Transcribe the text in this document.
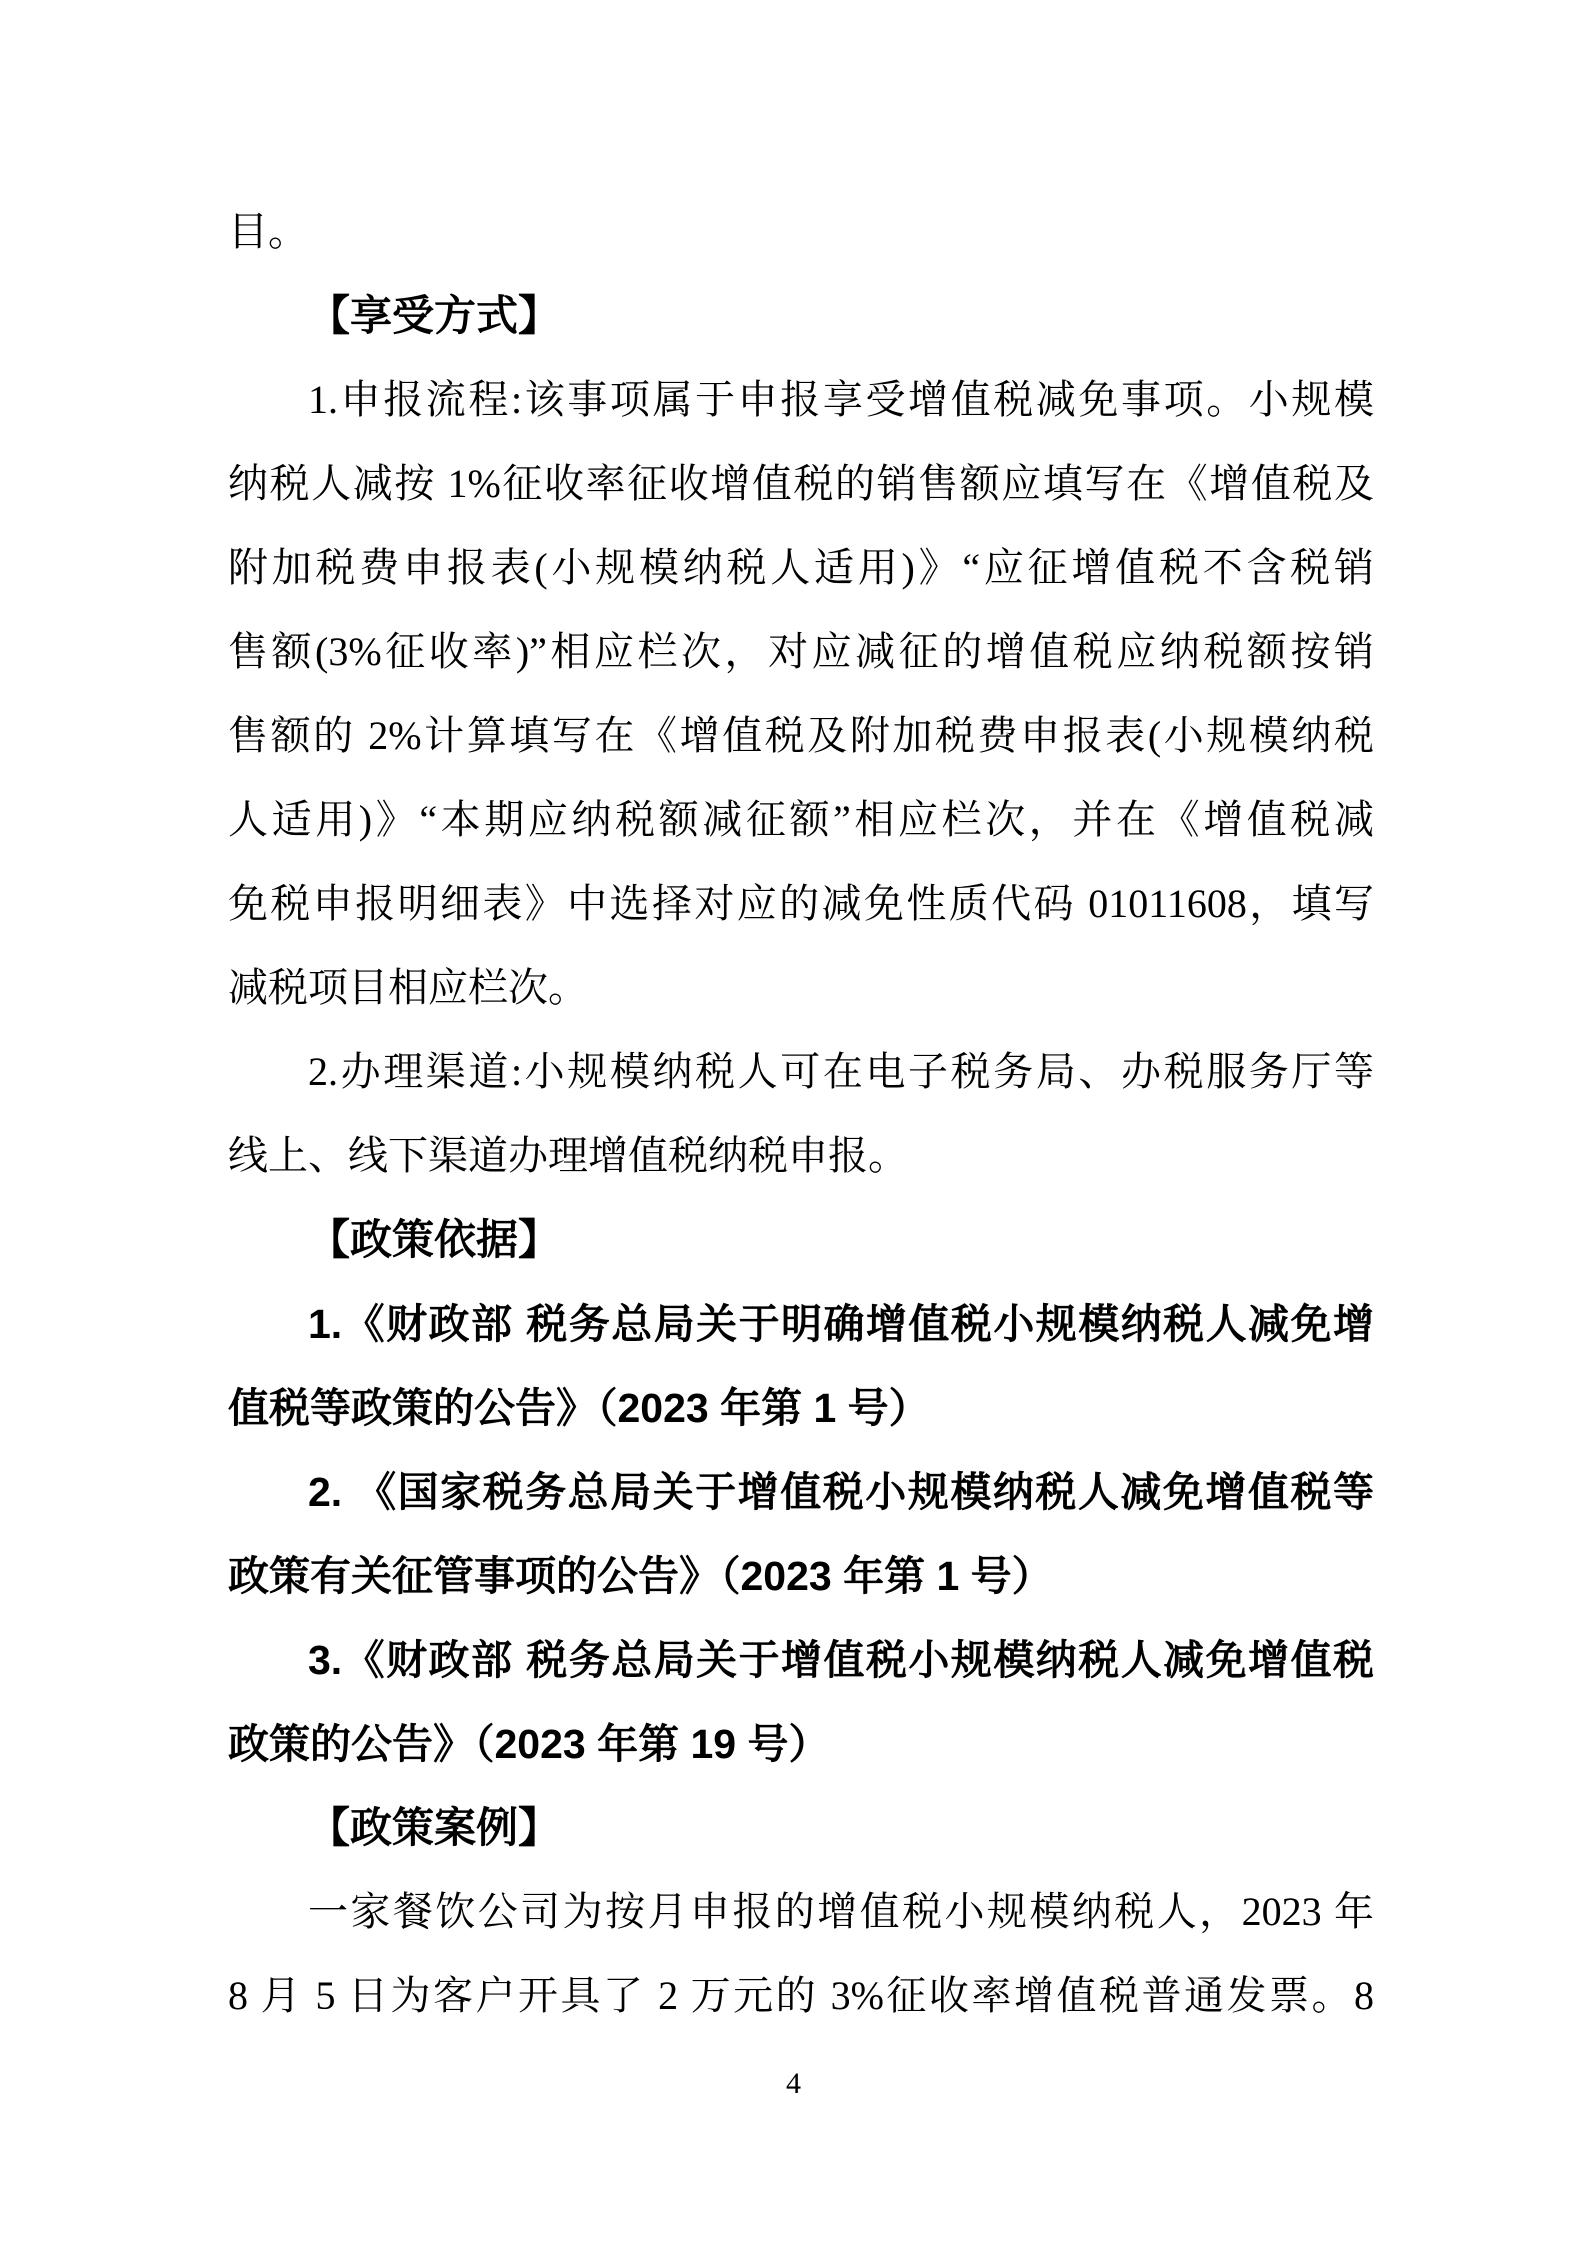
目。
【享受方式】
1.申报流程:该事项属于申报享受增值税减免事项。小规模
纳税人减按 1%征收率征收增值税的销售额应填写在《增值税及
附加税费申报表(小规模纳税人适用)》“应征增值税不含税销
售额(3%征收率)”相应栏次，对应减征的增值税应纳税额按销
售额的 2%计算填写在《增值税及附加税费申报表(小规模纳税
人适用)》“本期应纳税额减征额”相应栏次，并在《增值税减
免税申报明细表》中选择对应的减免性质代码 01011608，填写
减税项目相应栏次。
2.办理渠道:小规模纳税人可在电子税务局、办税服务厅等
线上、线下渠道办理增值税纳税申报。
【政策依据】
1.《财政部 税务总局关于明确增值税小规模纳税人减免增
值税等政策的公告》（2023 年第 1 号）
2. 《国家税务总局关于增值税小规模纳税人减免增值税等
政策有关征管事项的公告》（2023 年第 1 号）
3.《财政部 税务总局关于增值税小规模纳税人减免增值税
政策的公告》（2023 年第 19 号）
【政策案例】
一家餐饮公司为按月申报的增值税小规模纳税人，2023 年
8 月 5 日为客户开具了 2 万元的 3%征收率增值税普通发票。8
4
